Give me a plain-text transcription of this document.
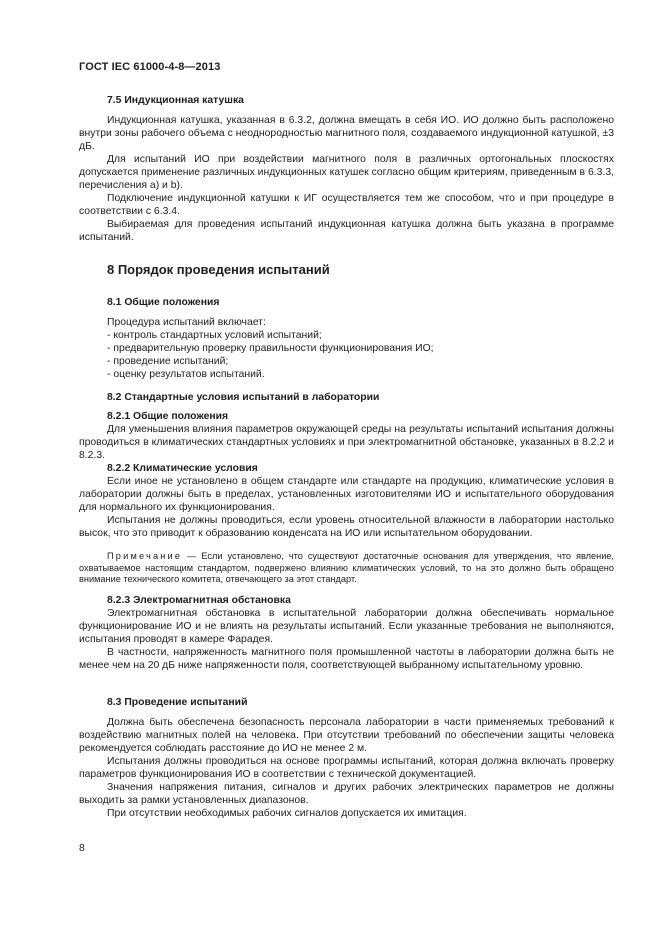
ГОСТ IEC 61000-4-8—2013
7.5 Индукционная катушка

Индукционная катушка, указанная в 6.3.2, должна вмещать в себя ИО. ИО должно быть расположено внутри зоны рабочего объема с неоднородностью магнитного поля, создаваемого индукционной катушкой, ±3 дБ.

Для испытаний ИО при воздействии магнитного поля в различных ортогональных плоскостях допускается применение различных индукционных катушек согласно общим критериям, приведенным в 6.3.3, перечисления a) и b).

Подключение индукционной катушки к ИГ осуществляется тем же способом, что и при процедуре в соответствии с 6.3.4.

Выбираемая для проведения испытаний индукционная катушка должна быть указана в программе испытаний.

8 Порядок проведения испытаний
8.1 Общие положения
Процедура испытаний включает:
- контроль стандартных условий испытаний;
- предварительную проверку правильности функционирования ИО;
- проведение испытаний;
- оценку результатов испытаний.
8.2 Стандартные условия испытаний в лаборатории
8.2.1 Общие положения

Для уменьшения влияния параметров окружающей среды на результаты испытаний испытания должны проводиться в климатических стандартных условиях и при электромагнитной обстановке, указанных в 8.2.2 и 8.2.3.

8.2.2 Климатические условия

Если иное не установлено в общем стандарте или стандарте на продукцию, климатические условия в лаборатории должны быть в пределах, установленных изготовителями ИО и испытательного оборудования для нормального их функционирования.

Испытания не должны проводиться, если уровень относительной влажности в лаборатории настолько высок, что это приводит к образованию конденсата на ИО или испытательном оборудовании.

Примечание — Если установлено, что существуют достаточные основания для утверждения, что явление, охватываемое настоящим стандартом, подвержено влиянию климатических условий, то на это должно быть обращено внимание технического комитета, отвечающего за этот стандарт.

8.2.3 Электромагнитная обстановка

Электромагнитная обстановка в испытательной лаборатории должна обеспечивать нормальное функционирование ИО и не влиять на результаты испытаний. Если указанные требования не выполняются, испытания проводят в камере Фарадея.

В частности, напряженность магнитного поля промышленной частоты в лаборатории должна быть не менее чем на 20 дБ ниже напряженности поля, соответствующей выбранному испытательному уровню.

8.3 Проведение испытаний

Должна быть обеспечена безопасность персонала лаборатории в части применяемых требований к воздействию магнитных полей на человека. При отсутствии требований по обеспечении защиты человека рекомендуется соблюдать расстояние до ИО не менее 2 м.

Испытания должны проводиться на основе программы испытаний, которая должна включать проверку параметров функционирования ИО в соответствии с технической документацией.

Значения напряжения питания, сигналов и других рабочих электрических параметров не должны выходить за рамки установленных диапазонов.

При отсутствии необходимых рабочих сигналов допускается их имитация.

8
